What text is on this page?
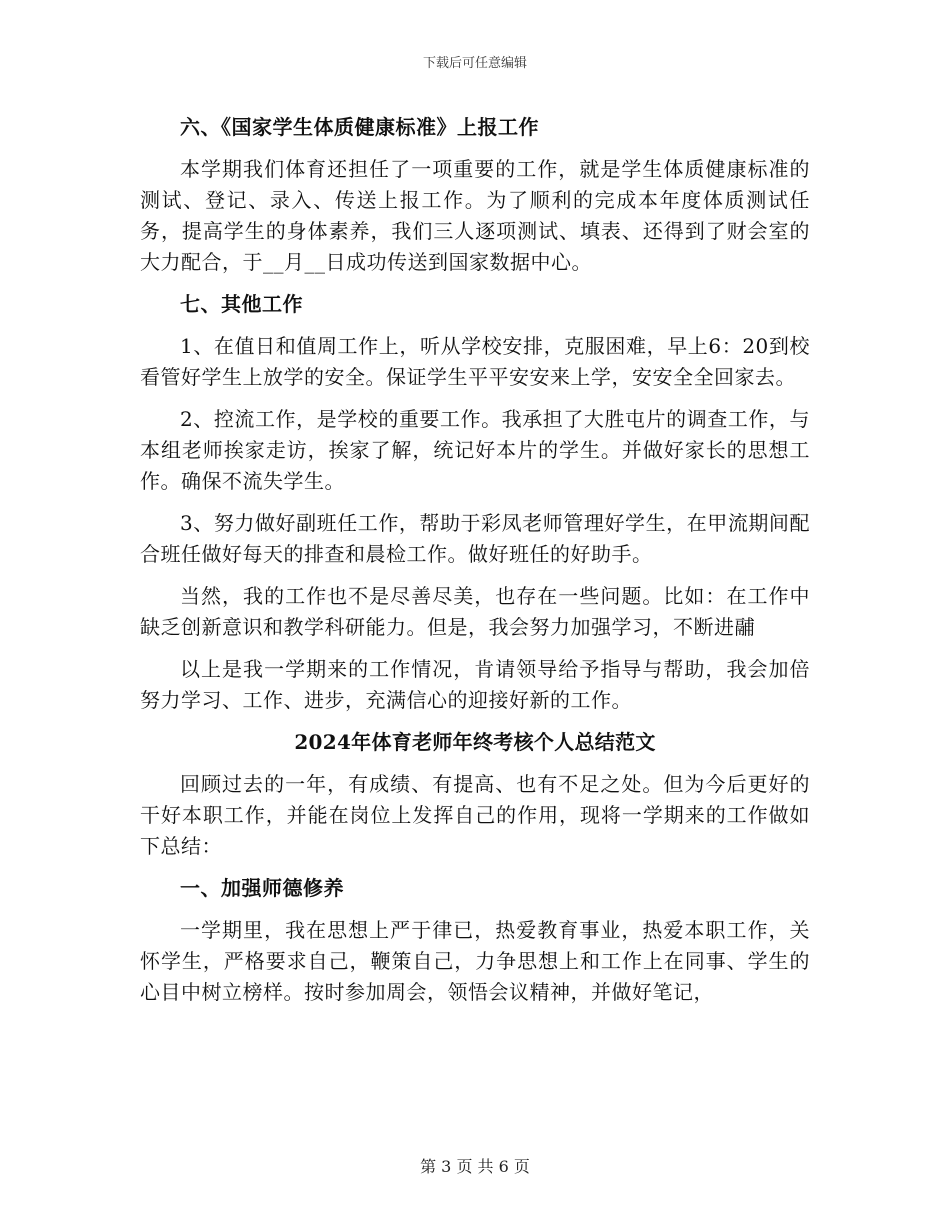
下载后可任意编辑
六、《国家学生体质健康标准》上报工作
本学期我们体育还担任了一项重要的工作，就是学生体质健康标准的测试、登记、录入、传送上报工作。为了顺利的完成本年度体质测试任务，提高学生的身体素养，我们三人逐项测试、填表、还得到了财会室的大力配合，于__月__日成功传送到国家数据中心。
七、其他工作
1、在值日和值周工作上，听从学校安排，克服困难，早上6：20到校看管好学生上放学的安全。保证学生平平安安来上学，安安全全回家去。
2、控流工作，是学校的重要工作。我承担了大胜屯片的调查工作，与本组老师挨家走访，挨家了解，统记好本片的学生。并做好家长的思想工作。确保不流失学生。
3、努力做好副班任工作，帮助于彩凤老师管理好学生，在甲流期间配合班任做好每天的排查和晨检工作。做好班任的好助手。
当然，我的工作也不是尽善尽美，也存在一些问题。比如：在工作中缺乏创新意识和教学科研能力。但是，我会努力加强学习，不断进鬴
以上是我一学期来的工作情况，肯请领导给予指导与帮助，我会加倍努力学习、工作、进步，充满信心的迎接好新的工作。
2024年体育老师年终考核个人总结范文
回顾过去的一年，有成绩、有提高、也有不足之处。但为今后更好的干好本职工作，并能在岗位上发挥自己的作用，现将一学期来的工作做如下总结：
一、加强师德修养
一学期里，我在思想上严于律已，热爱教育事业，热爱本职工作，关怀学生，严格要求自己，鞭策自己，力争思想上和工作上在同事、学生的心目中树立榜样。按时参加周会，领悟会议精神，并做好笔记，
第 3 页 共 6 页
